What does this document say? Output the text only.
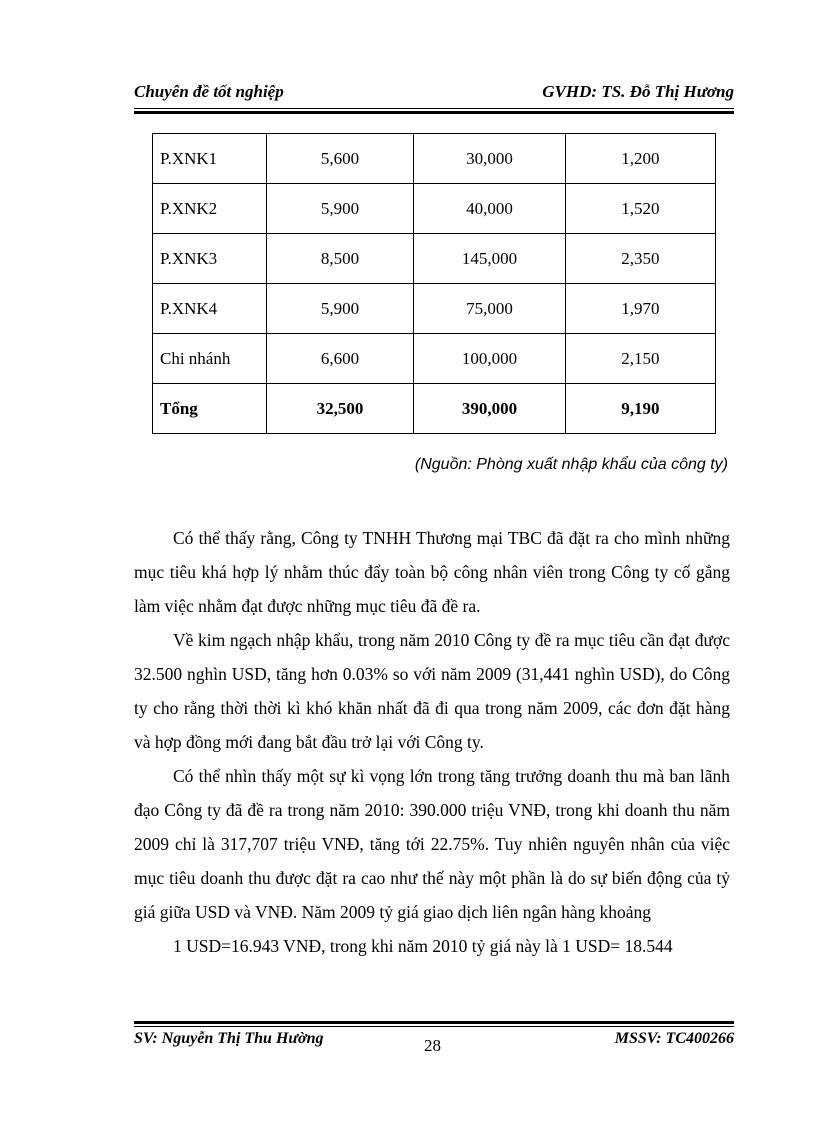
Chuyên đề tốt nghiệp	GVHD: TS. Đỗ Thị Hương
P.XNK1	5,600	30,000	1,200
P.XNK2	5,900	40,000	1,520
P.XNK3	8,500	145,000	2,350
P.XNK4	5,900	75,000	1,970
Chi nhánh	6,600	100,000	2,150
Tổng	32,500	390,000	9,190
(Nguồn: Phòng xuất nhập khẩu của công ty)

Có thể thấy rằng, Công ty TNHH Thương mại TBC đã đặt ra cho mình những mục tiêu khá hợp lý nhằm thúc đẩy toàn bộ công nhân viên trong Công ty cố gắng làm việc nhằm đạt được những mục tiêu đã đề ra.

Về kim ngạch nhập khẩu, trong năm 2010 Công ty đề ra mục tiêu cần đạt được 32.500 nghìn USD, tăng hơn 0.03% so với năm 2009 (31,441 nghìn USD), do Công ty cho rằng thời thời kì khó khăn nhất đã đi qua trong năm 2009, các đơn đặt hàng và hợp đồng mới đang bắt đầu trở lại với Công ty.

Có thể nhìn thấy một sự kì vọng lớn trong tăng trưởng doanh thu mà ban lãnh đạo Công ty đã đề ra trong năm 2010: 390.000 triệu VNĐ, trong khi doanh thu năm 2009 chỉ là 317,707 triệu VNĐ, tăng tới 22.75%. Tuy nhiên nguyên nhân của việc mục tiêu doanh thu được đặt ra cao như thế này một phần là do sự biến động của tỷ giá giữa USD và VNĐ. Năm 2009 tỷ giá giao dịch liên ngân hàng khoảng

1 USD=16.943 VNĐ, trong khi năm 2010 tỷ giá này là 1 USD= 18.544

SV: Nguyễn Thị Thu Hường	28	MSSV: TC400266
